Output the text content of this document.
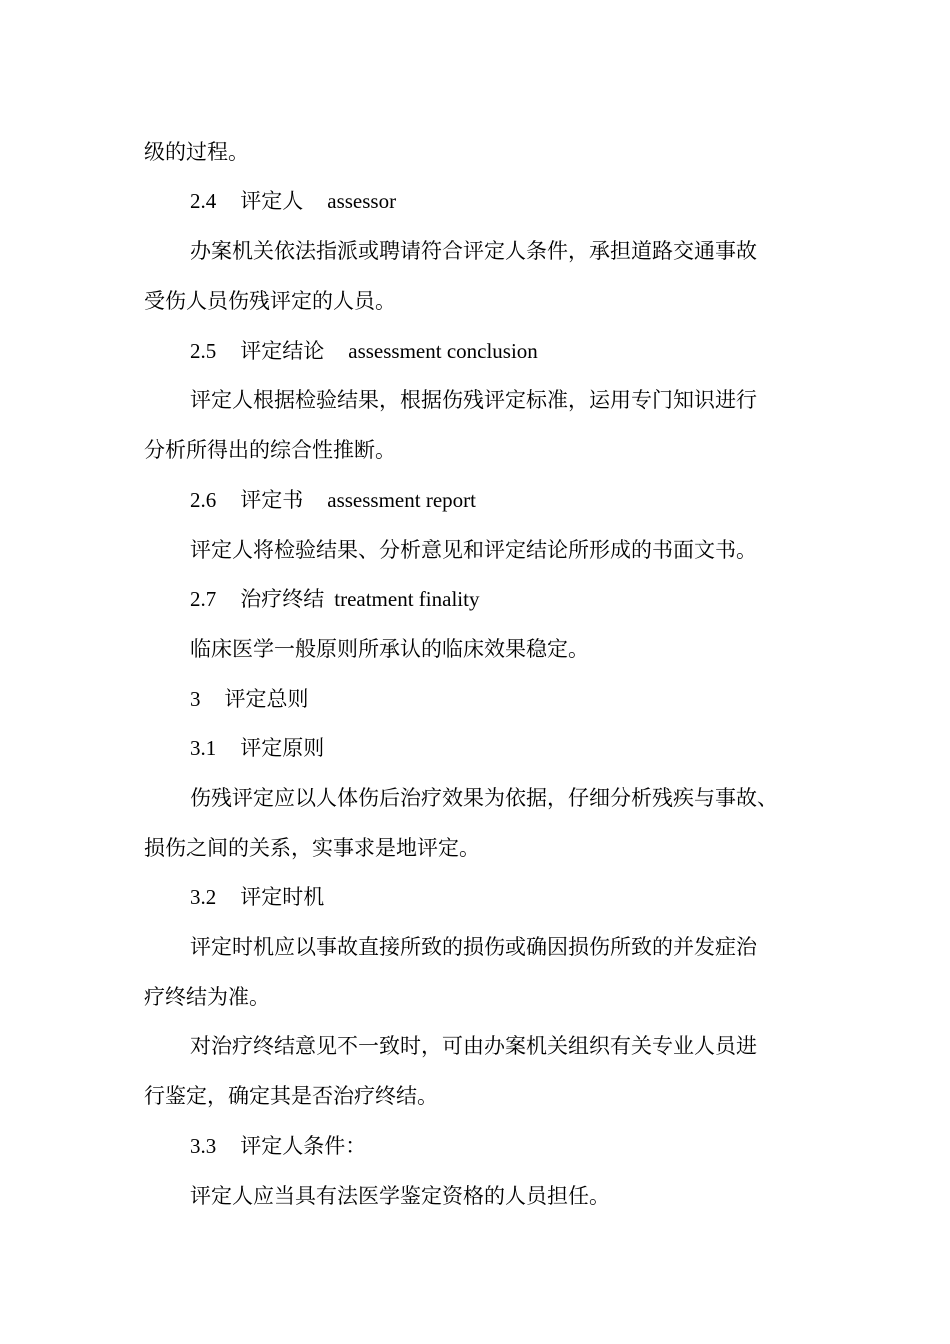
级的过程。
2.4 评定人 assessor
办案机关依法指派或聘请符合评定人条件，承担道路交通事故
受伤人员伤残评定的人员。
2.5 评定结论 assessment conclusion
评定人根据检验结果，根据伤残评定标准，运用专门知识进行
分析所得出的综合性推断。
2.6 评定书 assessment report
评定人将检验结果、分析意见和评定结论所形成的书面文书。
2.7 治疗终结 treatment finality
临床医学一般原则所承认的临床效果稳定。
3 评定总则
3.1 评定原则
伤残评定应以人体伤后治疗效果为依据，仔细分析残疾与事故、
损伤之间的关系，实事求是地评定。
3.2 评定时机
评定时机应以事故直接所致的损伤或确因损伤所致的并发症治
疗终结为准。
对治疗终结意见不一致时，可由办案机关组织有关专业人员进
行鉴定，确定其是否治疗终结。
3.3 评定人条件：
评定人应当具有法医学鉴定资格的人员担任。
